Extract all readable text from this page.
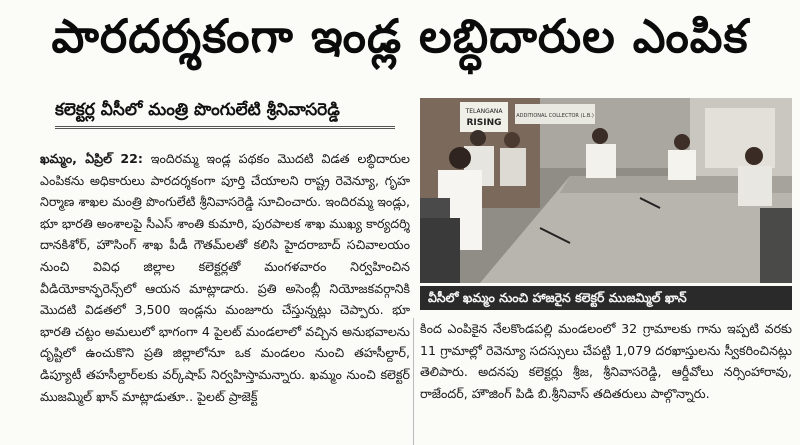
పారదర్శకంగా ఇండ్ల లబ్ధిదారుల ఎంపిక
కలెక్టర్ల వీసీలో మంత్రి పొంగులేటి శ్రీనివాసరెడ్డి
ఖమ్మం, ఏప్రిల్ 22: ఇందిరమ్మ ఇండ్ల పథకం మొదటి విడత లబ్ధిదారుల ఎంపికను అధికారులు పారదర్శకంగా పూర్తి చేయాలని రాష్ట్ర రెవెన్యూ, గృహ నిర్మాణ శాఖల మంత్రి పొంగులేటి శ్రీనివాసరెడ్డి సూచించారు. ఇందిరమ్మ ఇండ్లు, భూ భారతి అంశాలపై సీఎస్ శాంతి కుమారి, పురపాలక శాఖ ముఖ్య కార్యదర్శి దానకిశోర్, హౌసింగ్ శాఖ పీడీ గౌతమ్‌లతో కలిసి హైదరాబాద్ సచివాలయం నుంచి వివిధ జిల్లాల కలెక్టర్లతో మంగళవారం నిర్వహించిన వీడియోకాన్ఫరెన్స్‌లో ఆయన మాట్లాడారు. ప్రతి అసెంబ్లీ నియోజకవర్గానికి మొదటి విడతలో 3,500 ఇండ్లను మంజూరు చేస్తున్నట్లు చెప్పారు. భూ భారతి చట్టం అమలులో భాగంగా 4 పైలట్ మండలాలో వచ్చిన అనుభవాలను దృష్టిలో ఉంచుకొని ప్రతి జిల్లాలోనూ ఒక మండలం నుంచి తహసీల్దార్, డిప్యూటీ తహసీల్దార్‌లకు వర్క్‌షాప్ నిర్వహిస్తామన్నారు. ఖమ్మం నుంచి కలెక్టర్ ముజమ్మిల్ ఖాన్ మాట్లాడుతూ.. పైలట్ ప్రాజెక్ట్
TELANGANA
RISING
ADDITIONAL COLLECTOR (L.B.)
వీసీలో ఖమ్మం నుంచి హాజరైన కలెక్టర్ ముజమ్మిల్ ఖాన్
కింద ఎంపికైన నేలకొండపల్లి మండలంలో 32 గ్రామాలకు గాను ఇప్పటి వరకు 11 గ్రామాల్లో రెవెన్యూ సదస్సులు చేపట్టి 1,079 దరఖాస్తులను స్వీకరించినట్లు తెలిపారు. అదనపు కలెక్టర్లు శ్రీజ, శ్రీనివాసరెడ్డి, ఆర్డీవోలు నర్సింహారావు, రాజేందర్, హౌజింగ్ పిడి బి.శ్రీనివాస్ తదితరులు పాల్గొన్నారు.
